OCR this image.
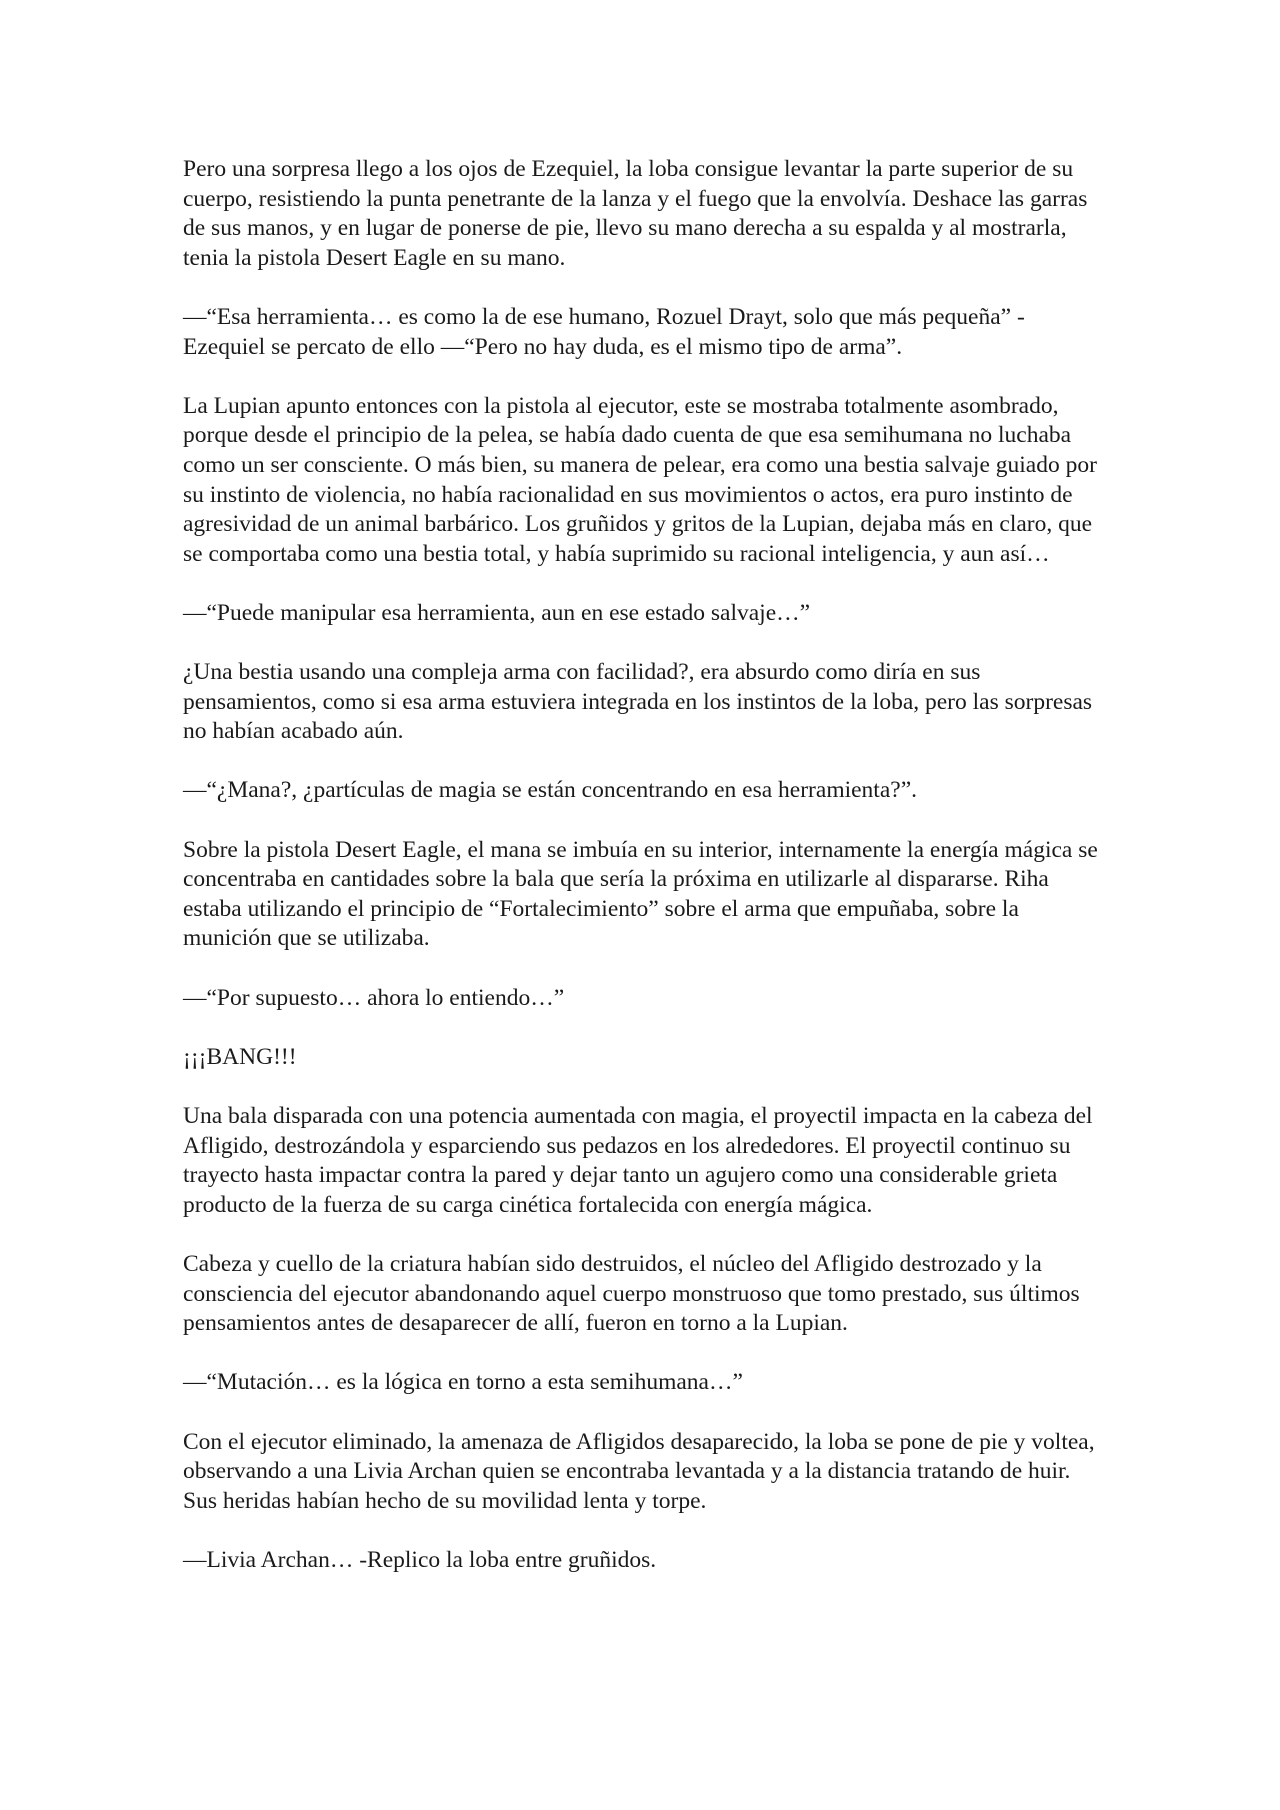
Pero una sorpresa llego a los ojos de Ezequiel, la loba consigue levantar la parte superior de su cuerpo, resistiendo la punta penetrante de la lanza y el fuego que la envolvía. Deshace las garras de sus manos, y en lugar de ponerse de pie, llevo su mano derecha a su espalda y al mostrarla, tenia la pistola Desert Eagle en su mano.

—“Esa herramienta… es como la de ese humano, Rozuel Drayt, solo que más pequeña” -Ezequiel se percato de ello —“Pero no hay duda, es el mismo tipo de arma”.

La Lupian apunto entonces con la pistola al ejecutor, este se mostraba totalmente asombrado, porque desde el principio de la pelea, se había dado cuenta de que esa semihumana no luchaba como un ser consciente. O más bien, su manera de pelear, era como una bestia salvaje guiado por su instinto de violencia, no había racionalidad en sus movimientos o actos, era puro instinto de agresividad de un animal barbárico. Los gruñidos y gritos de la Lupian, dejaba más en claro, que se comportaba como una bestia total, y había suprimido su racional inteligencia, y aun así…

—“Puede manipular esa herramienta, aun en ese estado salvaje…”

¿Una bestia usando una compleja arma con facilidad?, era absurdo como diría en sus pensamientos, como si esa arma estuviera integrada en los instintos de la loba, pero las sorpresas no habían acabado aún.

—“¿Mana?, ¿partículas de magia se están concentrando en esa herramienta?”.

Sobre la pistola Desert Eagle, el mana se imbuía en su interior, internamente la energía mágica se concentraba en cantidades sobre la bala que sería la próxima en utilizarle al dispararse. Riha estaba utilizando el principio de “Fortalecimiento” sobre el arma que empuñaba, sobre la munición que se utilizaba.

—“Por supuesto… ahora lo entiendo…”

¡¡¡BANG!!!

Una bala disparada con una potencia aumentada con magia, el proyectil impacta en la cabeza del Afligido, destrozándola y esparciendo sus pedazos en los alrededores. El proyectil continuo su trayecto hasta impactar contra la pared y dejar tanto un agujero como una considerable grieta producto de la fuerza de su carga cinética fortalecida con energía mágica.

Cabeza y cuello de la criatura habían sido destruidos, el núcleo del Afligido destrozado y la consciencia del ejecutor abandonando aquel cuerpo monstruoso que tomo prestado, sus últimos pensamientos antes de desaparecer de allí, fueron en torno a la Lupian.

—“Mutación… es la lógica en torno a esta semihumana…”

Con el ejecutor eliminado, la amenaza de Afligidos desaparecido, la loba se pone de pie y voltea, observando a una Livia Archan quien se encontraba levantada y a la distancia tratando de huir. Sus heridas habían hecho de su movilidad lenta y torpe.

—Livia Archan… -Replico la loba entre gruñidos.
